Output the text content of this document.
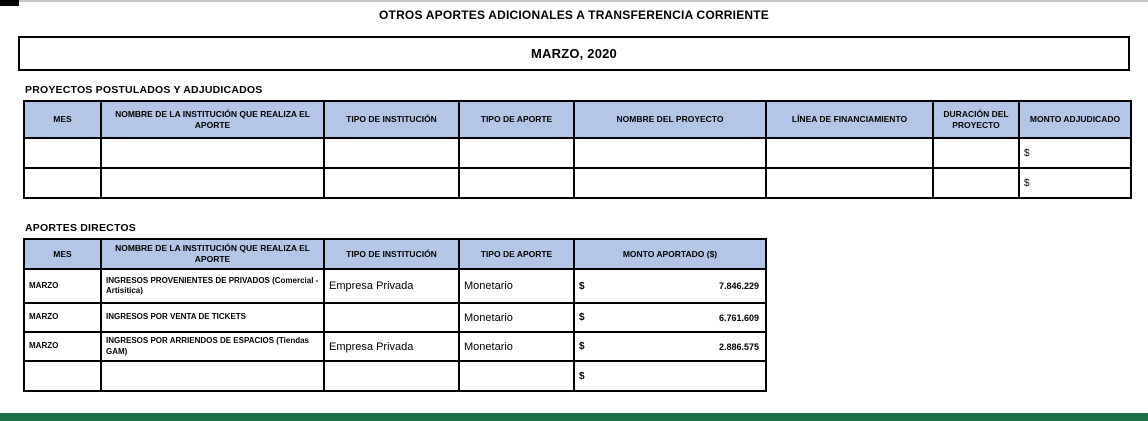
OTROS APORTES ADICIONALES A TRANSFERENCIA CORRIENTE
MARZO, 2020
PROYECTOS POSTULADOS Y ADJUDICADOS
MES	NOMBRE DE LA INSTITUCIÓN QUE REALIZA EL APORTE	TIPO DE INSTITUCIÓN	TIPO DE APORTE	NOMBRE DEL PROYECTO	LÍNEA DE FINANCIAMIENTO	DURACIÓN DEL PROYECTO	MONTO ADJUDICADO

							$

							$
APORTES DIRECTOS
MES	NOMBRE DE LA INSTITUCIÓN QUE REALIZA EL APORTE	TIPO DE INSTITUCIÓN	TIPO DE APORTE	MONTO APORTADO ($)
MARZO	INGRESOS PROVENIENTES DE PRIVADOS (Comercial - Artisitica)	Empresa Privada	Monetario	$ 7.846.229

MARZO	INGRESOS POR VENTA DE TICKETS		Monetario	$ 6.761.609

MARZO	INGRESOS POR ARRIENDOS DE ESPACIOS (Tiendas GAM)	Empresa Privada	Monetario	$ 2.886.575

				$
